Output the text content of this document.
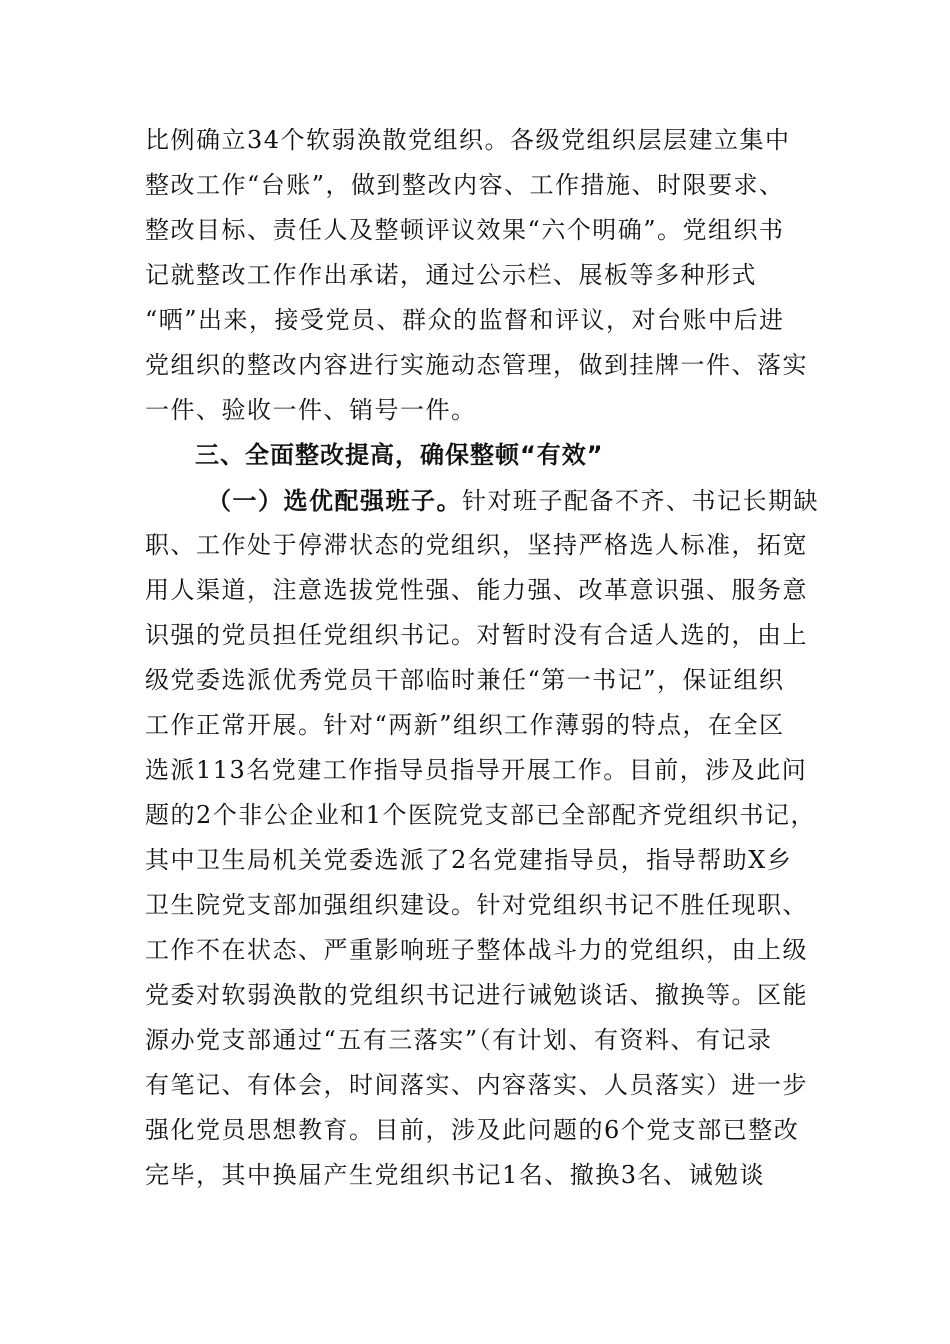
比例确立34个软弱涣散党组织。各级党组织层层建立集中
整改工作“台账”，做到整改内容、工作措施、时限要求、
整改目标、责任人及整顿评议效果“六个明确”。党组织书
记就整改工作作出承诺，通过公示栏、展板等多种形式
“晒”出来，接受党员、群众的监督和评议，对台账中后进
党组织的整改内容进行实施动态管理，做到挂牌一件、落实
一件、验收一件、销号一件。
三、全面整改提高，确保整顿“有效”
（一）选优配强班子。针对班子配备不齐、书记长期缺
职、工作处于停滞状态的党组织，坚持严格选人标准，拓宽
用人渠道，注意选拔党性强、能力强、改革意识强、服务意
识强的党员担任党组织书记。对暂时没有合适人选的，由上
级党委选派优秀党员干部临时兼任“第一书记”，保证组织
工作正常开展。针对“两新”组织工作薄弱的特点，在全区
选派113名党建工作指导员指导开展工作。目前，涉及此问
题的2个非公企业和1个医院党支部已全部配齐党组织书记，
其中卫生局机关党委选派了2名党建指导员，指导帮助X乡
卫生院党支部加强组织建设。针对党组织书记不胜任现职、
工作不在状态、严重影响班子整体战斗力的党组织，由上级
党委对软弱涣散的党组织书记进行诫勉谈话、撤换等。区能
源办党支部通过“五有三落实”（有计划、有资料、有记录
有笔记、有体会，时间落实、内容落实、人员落实）进一步
强化党员思想教育。目前，涉及此问题的6个党支部已整改
完毕，其中换届产生党组织书记1名、撤换3名、诫勉谈
